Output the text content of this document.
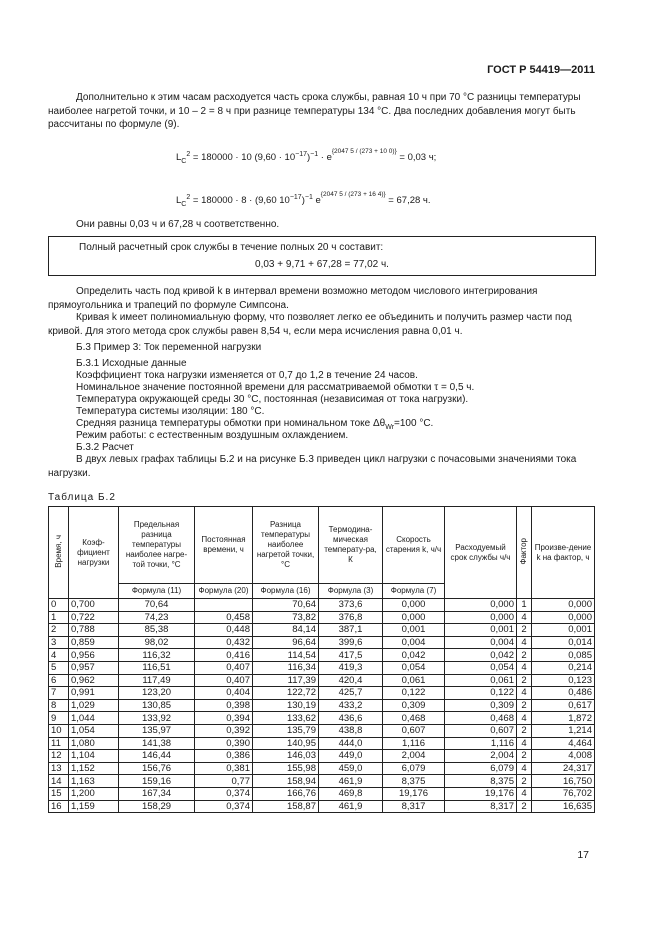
ГОСТ Р 54419—2011

Дополнительно к этим часам расходуется часть срока службы, равная 10 ч при 70 °С разницы температуры наиболее нагретой точки, и 10 – 2 = 8 ч при разнице температуры 134 °С. Два последних добавления могут быть рассчитаны по формуле (9).

$L_C^2 = 180000 \cdot 10$ $(9,60 \cdot 10^{-17})^{-1} \cdot e^{\{2047 5 / (273 + 10 0)\}} = 0,03$ ч;
$L_C^2 = 180000 \cdot 8 \cdot (9,60$ $10^{-17})^{-1}$ $e^{\{2047 5 / (273 + 16 4)\}} = 67,28$ ч.

Они равны 0,03 ч и 67,28 ч соответственно.

Полный расчетный срок службы в течение полных 20 ч составит:
0,03 + 9,71 + 67,28 = 77,02 ч.

Определить часть под кривой k в интервал времени возможно методом числового интегрирования прямоугольника и трапеций по формуле Симпсона.

Кривая k имеет полиномиальную форму, что позволяет легко ее объединить и получить размер части под кривой. Для этого метода срок службы равен 8,54 ч, если мера исчисления равна 0,01 ч.

Б.3 Пример 3: Ток переменной нагрузки

Б.3.1 Исходные данные

Коэффициент тока нагрузки изменяется от 0,7 до 1,2 в течение 24 часов.

Номинальное значение постоянной времени для рассматриваемой обмотки τ = 0,5 ч.

Температура окружающей среды 30 °С, постоянная (независимая от тока нагрузки).

Температура системы изоляции: 180 °С.

Средняя разница температуры обмотки при номинальном токе $\Delta\theta_{Wr}=100$ °С.

Режим работы: с естественным воздушным охлаждением.

Б.3.2 Расчет

В двух левых графах таблицы Б.2 и на рисунке Б.3 приведен цикл нагрузки с почасовыми значениями тока нагрузки.

Таблица Б.2
Время, ч	Коэф-фициент нагрузки	Предельная разница температуры наиболее нагре-той точки, °С	Постоянная времени, ч	Разница температуры наиболее нагретой точки, °С	Термодина-мическая температу-ра, К	Скорость старения k, ч/ч	Расходуемый срок службы ч/ч	Фактор	Произве-дение k на фактор, ч
		Формула (11)	Формула (20)	Формула (16)	Формула (3)	Формула (7)			
0	0,700	70,64		70,64	373,6	0,000	0,000	1	0,000
1	0,722	74,23	0,458	73,82	376,8	0,000	0,000	4	0,000
2	0,788	85,38	0,448	84,14	387,1	0,001	0,001	2	0,001
3	0,859	98,02	0,432	96,64	399,6	0,004	0,004	4	0,014
4	0,956	116,32	0,416	114,54	417,5	0,042	0,042	2	0,085
5	0,957	116,51	0,407	116,34	419,3	0,054	0,054	4	0,214
6	0,962	117,49	0,407	117,39	420,4	0,061	0,061	2	0,123
7	0,991	123,20	0,404	122,72	425,7	0,122	0,122	4	0,486
8	1,029	130,85	0,398	130,19	433,2	0,309	0,309	2	0,617
9	1,044	133,92	0,394	133,62	436,6	0,468	0,468	4	1,872
10	1,054	135,97	0,392	135,79	438,8	0,607	0,607	2	1,214
11	1,080	141,38	0,390	140,95	444,0	1,116	1,116	4	4,464
12	1,104	146,44	0,386	146,03	449,0	2,004	2,004	2	4,008
13	1,152	156,76	0,381	155,98	459,0	6,079	6,079	4	24,317
14	1,163	159,16	0,77	158,94	461,9	8,375	8,375	2	16,750
15	1,200	167,34	0,374	166,76	469,8	19,176	19,176	4	76,702
16	1,159	158,29	0,374	158,87	461,9	8,317	8,317	2	16,635
17
